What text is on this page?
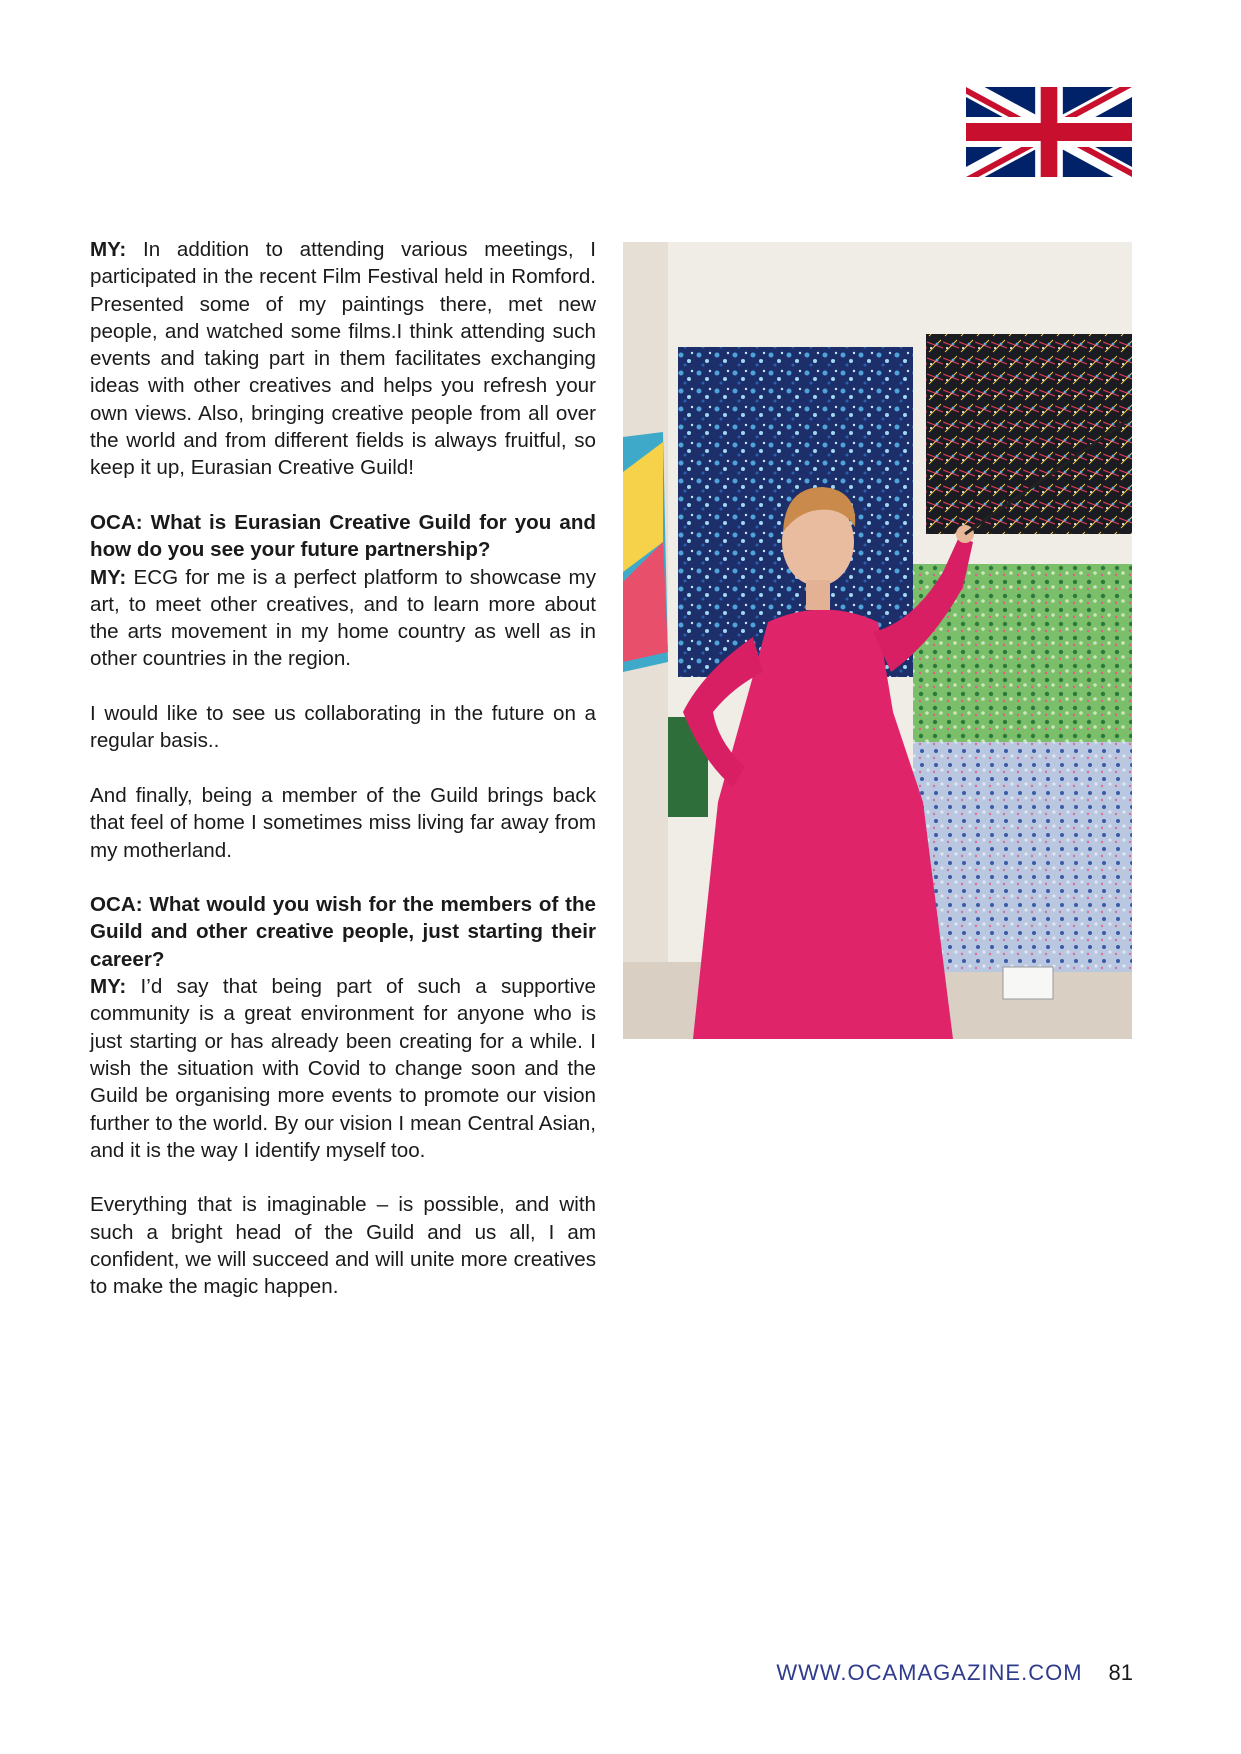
MY: In addition to attending various meetings, I participated in the recent Film Festival held in Romford. Presented some of my paintings there, met new people, and watched some films.I think attending such events and taking part in them facilitates exchanging ideas with other creatives and helps you refresh your own views. Also, bringing creative people from all over the world and from different fields is always fruitful, so keep it up, Eurasian Creative Guild!

OCA: What is Eurasian Creative Guild for you and how do you see your future partnership?

MY: ECG for me is a perfect platform to showcase my art, to meet other creatives, and to learn more about the arts movement in my home country as well as in other countries in the region.

I would like to see us collaborating in the future on a regular basis..

And finally, being a member of the Guild brings back that feel of home I sometimes miss living far away from my motherland.

OCA: What would you wish for the members of the Guild and other creative people, just starting their career?

MY: I’d say that being part of such a supportive community is a great environment for anyone who is just starting or has already been creating for a while. I wish the situation with Covid to change soon and the Guild be organising more events to promote our vision further to the world. By our vision I mean Central Asian, and it is the way I identify myself too.

Everything that is imaginable – is possible, and with such a bright head of the Guild and us all, I am confident, we will succeed and will unite more creatives to make the magic happen.

WWW.OCAMAGAZINE.COM 81
